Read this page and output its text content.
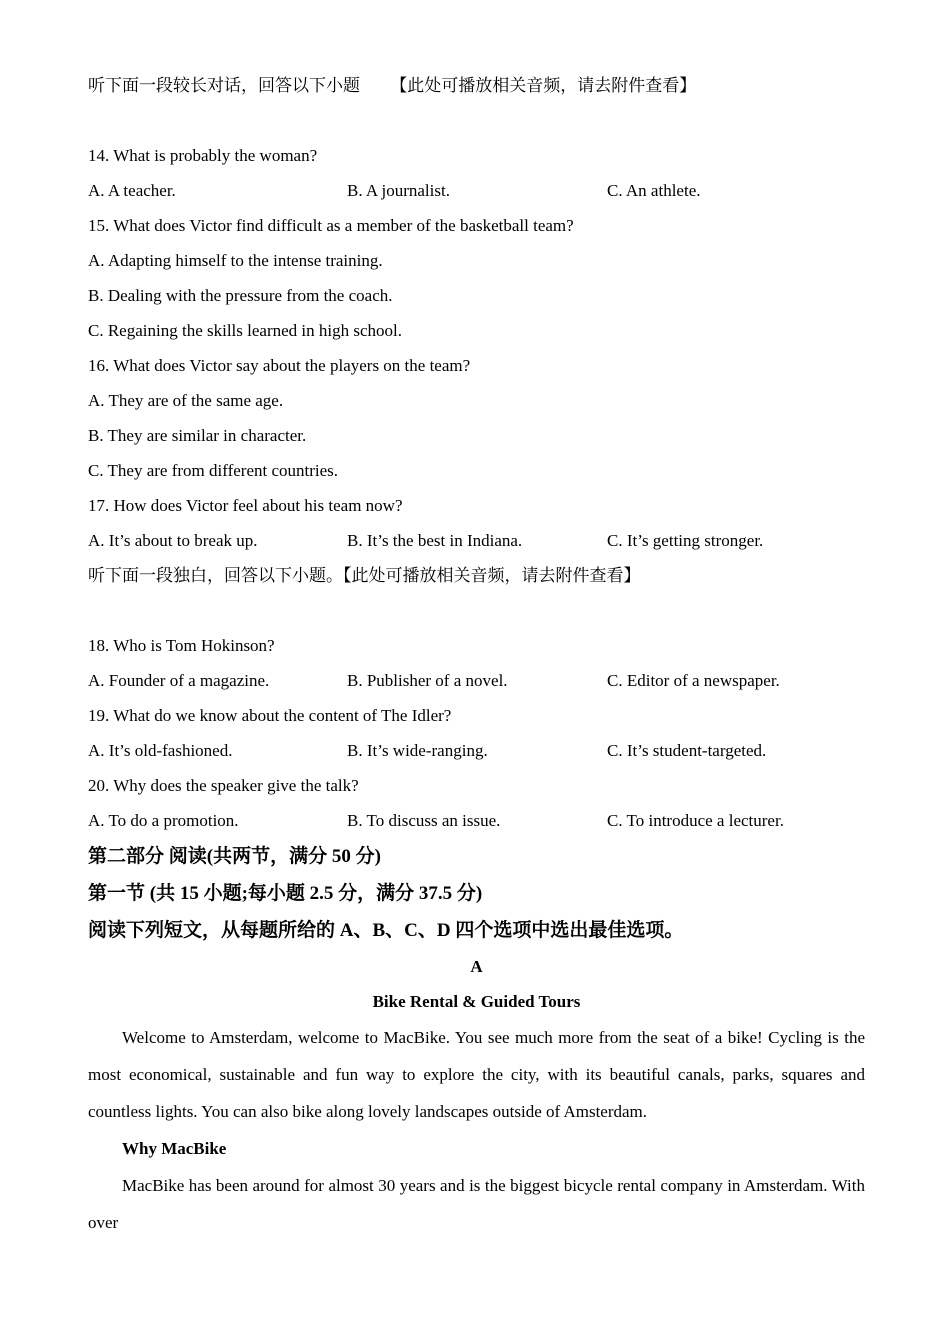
听下面一段较长对话，回答以下小题 【此处可播放相关音频，请去附件查看】

14. What is probably the woman?

A. A teacher.	B. A journalist.	C. An athlete.

15. What does Victor find difficult as a member of the basketball team?

A. Adapting himself to the intense training.

B. Dealing with the pressure from the coach.

C. Regaining the skills learned in high school.

16. What does Victor say about the players on the team?

A. They are of the same age.

B. They are similar in character.

C. They are from different countries.

17. How does Victor feel about his team now?

A. It’s about to break up.	B. It’s the best in Indiana.	C. It’s getting stronger.

听下面一段独白，回答以下小题。【此处可播放相关音频，请去附件查看】

18. Who is Tom Hokinson?

A. Founder of a magazine.	B. Publisher of a novel.	C. Editor of a newspaper.

19. What do we know about the content of The Idler?

A. It’s old-fashioned.	B. It’s wide-ranging.	C. It’s student-targeted.

20. Why does the speaker give the talk?

A. To do a promotion.	B. To discuss an issue.	C. To introduce a lecturer.

第二部分 阅读(共两节，满分 50 分)

第一节 (共 15 小题;每小题 2.5 分，满分 37.5 分)

阅读下列短文，从每题所给的 A、B、C、D 四个选项中选出最佳选项。

A

Bike Rental & Guided Tours

Welcome to Amsterdam, welcome to MacBike. You see much more from the seat of a bike! Cycling is the most economical, sustainable and fun way to explore the city, with its beautiful canals, parks, squares and countless lights. You can also bike along lovely landscapes outside of Amsterdam.

Why MacBike

MacBike has been around for almost 30 years and is the biggest bicycle rental company in Amsterdam. With over
